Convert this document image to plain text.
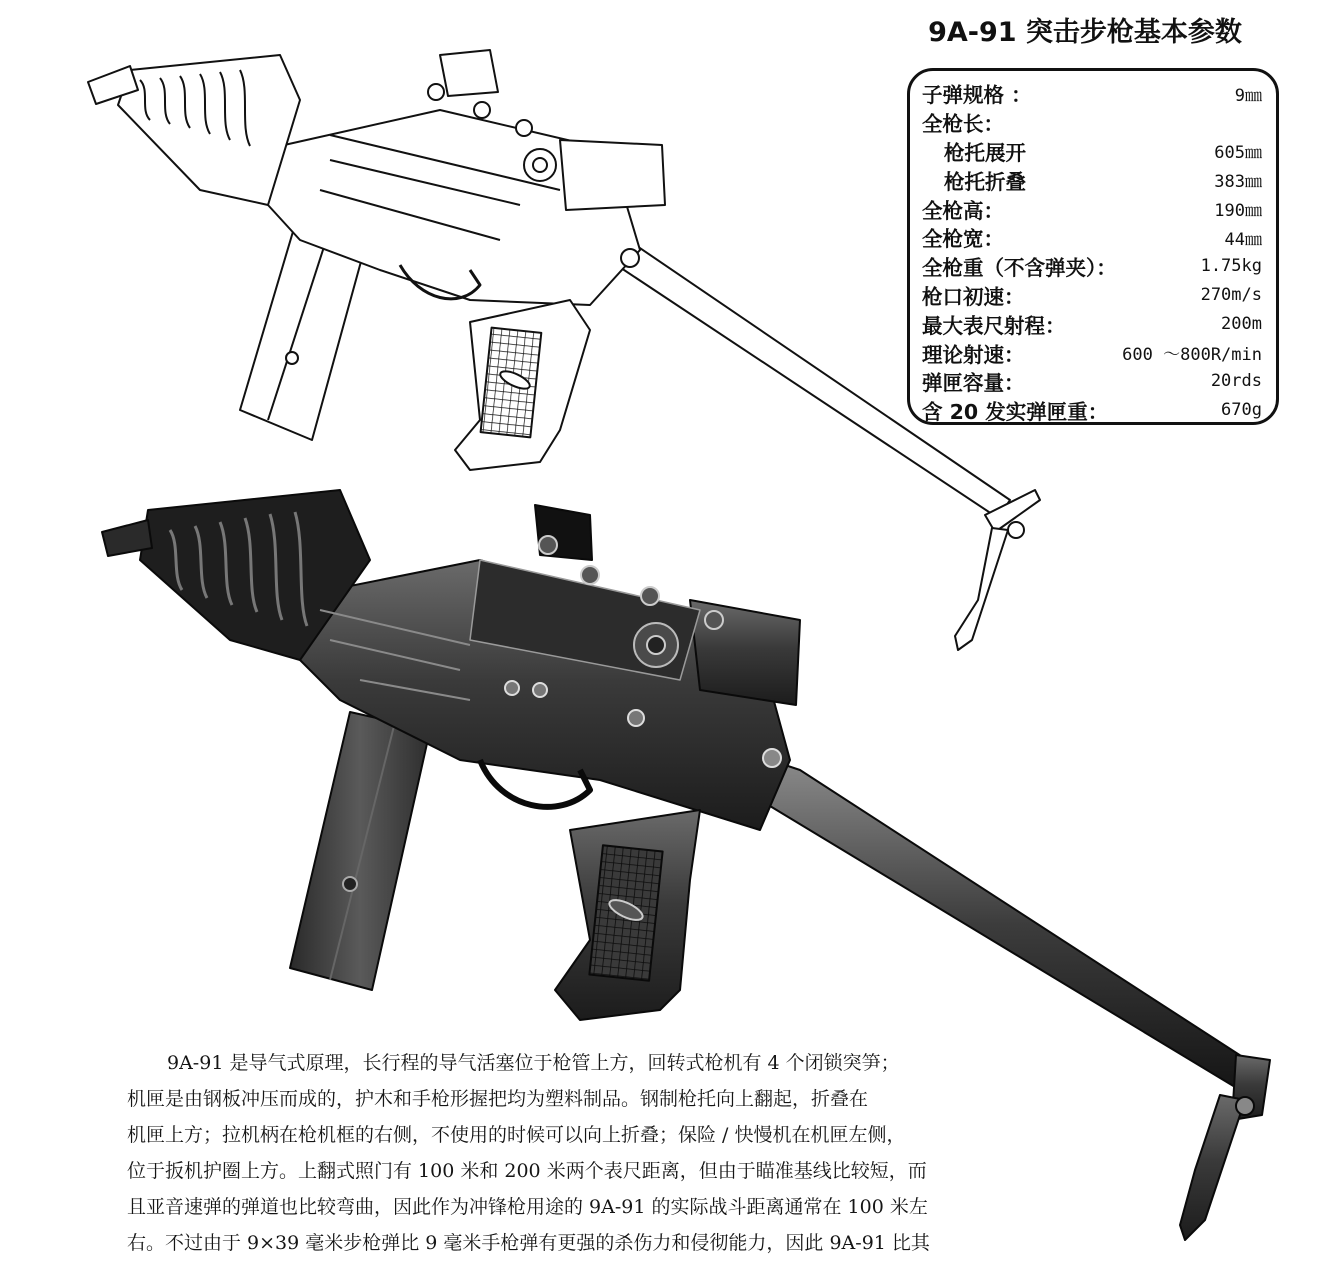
9A-91 突击步枪基本参数
子弹规格 ：	9㎜
全枪长：
枪托展开	605㎜
枪托折叠	383㎜
全枪高：	190㎜
全枪宽：	44㎜
全枪重（不含弹夹）：	1.75kg
枪口初速：	270m/s
最大表尺射程：	200m
理论射速：	600 ～800R/min
弹匣容量：	20rds
含 20 发实弹匣重：	670g

9A-91 是导气式原理，长行程的导气活塞位于枪管上方，回转式枪机有 4 个闭锁突笋；

机匣是由钢板冲压而成的，护木和手枪形握把均为塑料制品。钢制枪托向上翻起，折叠在

机匣上方；拉机柄在枪机框的右侧，不使用的时候可以向上折叠；保险 / 快慢机在机匣左侧，

位于扳机护圈上方。上翻式照门有 100 米和 200 米两个表尺距离，但由于瞄准基线比较短，而

且亚音速弹的弹道也比较弯曲，因此作为冲锋枪用途的 9A-91 的实际战斗距离通常在 100 米左

右。不过由于 9×39 毫米步枪弹比 9 毫米手枪弹有更强的杀伤力和侵彻能力，因此 9A-91 比其
